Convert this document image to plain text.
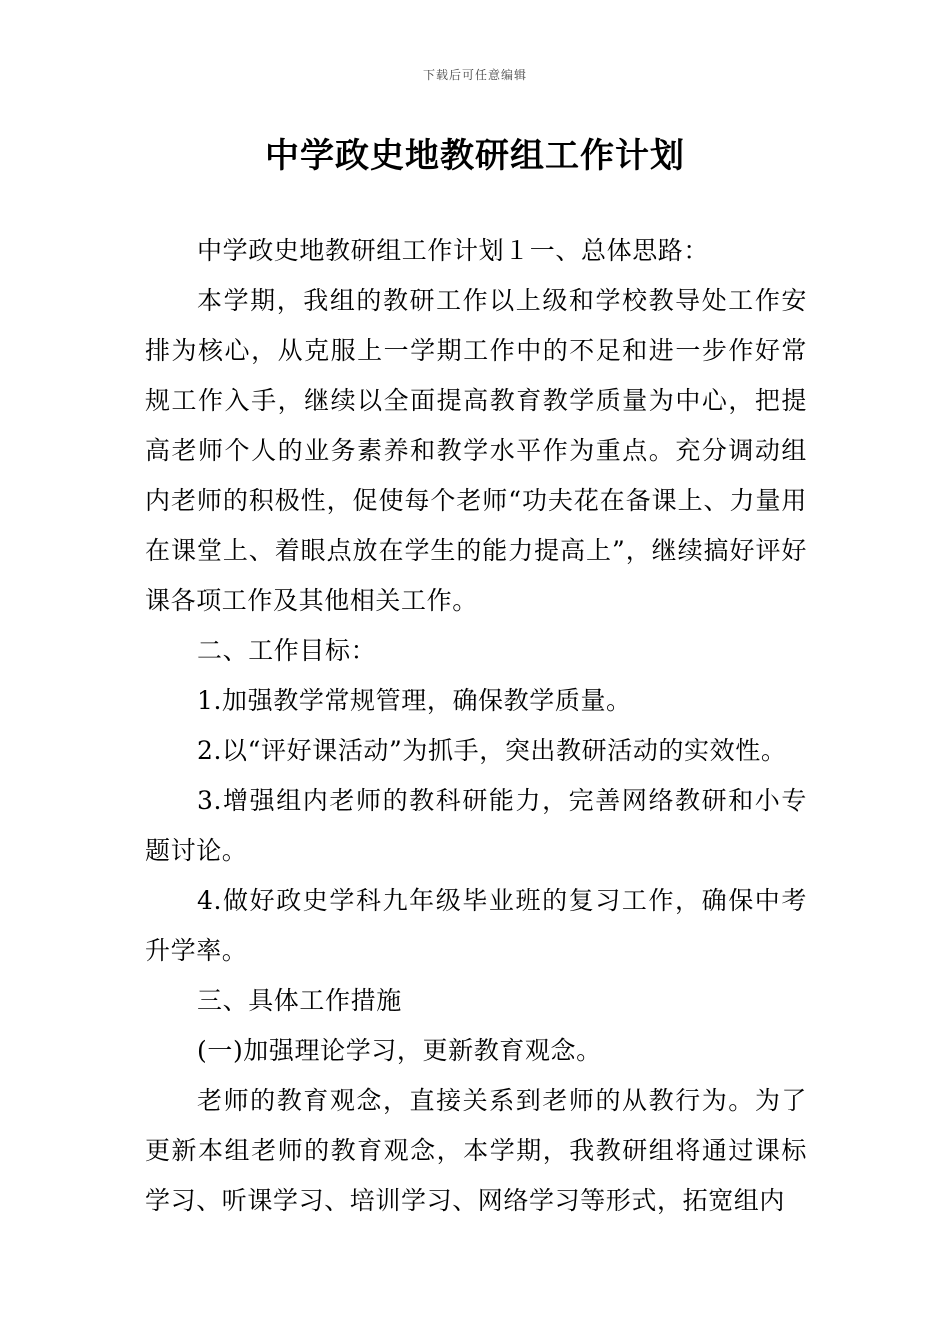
下载后可任意编辑
中学政史地教研组工作计划

中学政史地教研组工作计划１一、总体思路：

本学期，我组的教研工作以上级和学校教导处工作安排为核心，从克服上一学期工作中的不足和进一步作好常规工作入手，继续以全面提高教育教学质量为中心，把提高老师个人的业务素养和教学水平作为重点。充分调动组内老师的积极性，促使每个老师“功夫花在备课上、力量用在课堂上、着眼点放在学生的能力提高上”，继续搞好评好课各项工作及其他相关工作。

二、工作目标：

1.加强教学常规管理，确保教学质量。

2.以“评好课活动”为抓手，突出教研活动的实效性。

3.增强组内老师的教科研能力，完善网络教研和小专题讨论。

4.做好政史学科九年级毕业班的复习工作，确保中考升学率。

三、具体工作措施

(一)加强理论学习，更新教育观念。

老师的教育观念，直接关系到老师的从教行为。为了更新本组老师的教育观念，本学期，我教研组将通过课标学习、听课学习、培训学习、网络学习等形式，拓宽组内
